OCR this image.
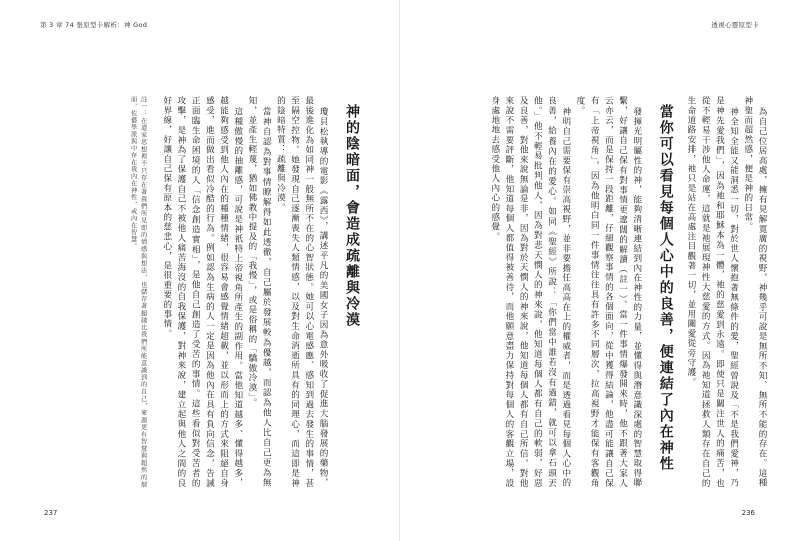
第 3 章 74 張原型卡解析：神 God
神的陰暗面，會造成疏離與冷漠
瓊貝松執導的電影《露西》，講述平凡的美國女子因為意外吸收了促進大腦發展的藥物，最後進化為如同神一般無所不在的心智狀態。她可以心電感應、感知到過去發生的事情，甚至隔空控物。她發現自己逐漸喪失人類情感，以及對生命消逝所具有的同理心，而這即是神的陰暗特質：疏離與冷漠。
當神自認為對事情瞭解得如此透徹，自己屬於發展較為優越，而認為他人比自己更為無知，並產生輕蔑，猶如佛教中提及的「我慢」，或是俗稱的「驕傲冷漠」。
這種傲慢的抽離感，可說是神祇特上帝視角所產生的副作用。當他知道越多、懂得越多，越能夠感受到他人內在的種種情緒，很容易會感覺情緒超載，並以形而上的方式來阻絕自身感受，進而做出看似冷酷的行為。例如認為生病的人一定是因為他內在具有負向信念，告誡正面臨生命困境的人「信念創造實相」，是他自己創造了受苦的事情。這些看似對受苦者的攻擊，是神為了保護自己不被他人痛苦海沒的自我保護，對神來說，建立起與他人之間的良好界線，好讓自己保有原本的慈悲心，是很重要的事情。
註一：在道家思想裡不只存在著我們所見即的情感與想法，也儲存著超越比我們所能意識到的自己，來源更有智慧與超然的層面，佐藝學派與中存在我內在神性，或內在智慧。
237
透視心靈原型卡
為自己位居高處，擁有見解寬廣的視野，神幾乎可說是無所不知、無所不能的存在。這種神聖而超然感，便是神的日常。
神全知全能又能洞悉一切，對於世人懷抱著無條件的愛，聖經曾說及「不是我們愛神，乃是神先愛我們」，因為祂和耶穌本為一體，祂的慈愛到永遠。即使只是關注世人的痛苦，也從不輕易干涉他人命運，這就是祂展現神性大慈愛的方式。因為祂知道拯救人類存在自己的生命道路安排，祂只是站在高處注目觀著一切，並用關愛從旁守護。
當你可以看見每個人心中的良善，便連結了內在神性
發揮光明屬性的神，能夠清晰連結到內在神性的力量，並懂得與潛意識深處的智慧取得聯繫，好讓自己保有對事情更遼闊的解讀（註一）。當一件事情爆發開來時，他不跟著大家人云亦云，而是保持一段距離，仔細觀察事情的各個面向，從中獲得結論，他盡可能讓自己保有「上帝視角」，因為他明白同一件事情往往具有許多不同層次，拉高視野才能保有客觀角度。
神明自己需要保有崇高視野，並非要擔任高高在上的權威者，而是透過看見每個人心中的良善，給養內在的愛心。如同《聖經》所說：「你們當中誰若沒有過錯，就可以拿石頭丟他。」他不輕易批判他人，因為對悲天憫人的神來說，他知道每個人都有自己的軟弱，好惡及良善，對他來說無論是非，因為對於天憫人的神來說，他知道每個人都有自己所信，對他來說不需要評斷，他知道每個人都值得被善待，而他願意盡力保持對每個人的客觀立場，設身處地地去感受他人內心的感覺。
236
